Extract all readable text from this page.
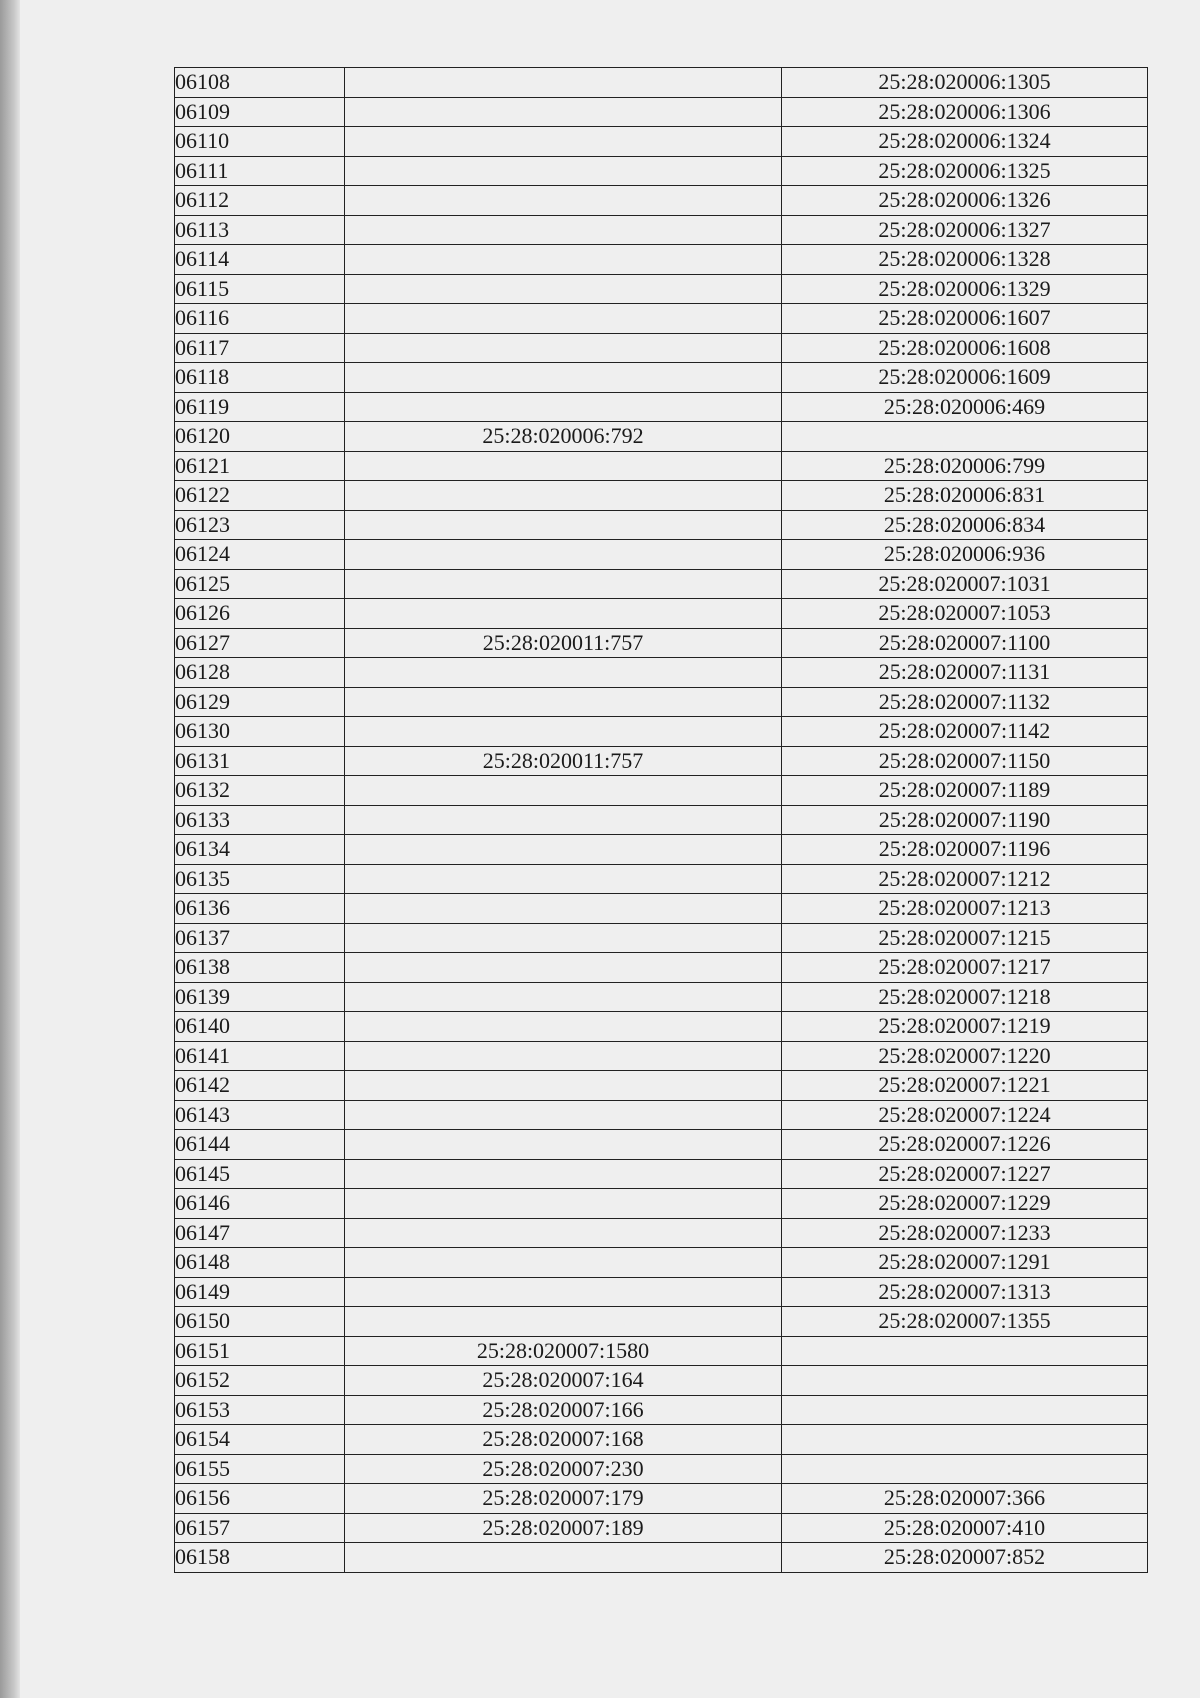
06108		25:28:020006:1305
06109		25:28:020006:1306
06110		25:28:020006:1324
06111		25:28:020006:1325
06112		25:28:020006:1326
06113		25:28:020006:1327
06114		25:28:020006:1328
06115		25:28:020006:1329
06116		25:28:020006:1607
06117		25:28:020006:1608
06118		25:28:020006:1609
06119		25:28:020006:469
06120	25:28:020006:792	
06121		25:28:020006:799
06122		25:28:020006:831
06123		25:28:020006:834
06124		25:28:020006:936
06125		25:28:020007:1031
06126		25:28:020007:1053
06127	25:28:020011:757	25:28:020007:1100
06128		25:28:020007:1131
06129		25:28:020007:1132
06130		25:28:020007:1142
06131	25:28:020011:757	25:28:020007:1150
06132		25:28:020007:1189
06133		25:28:020007:1190
06134		25:28:020007:1196
06135		25:28:020007:1212
06136		25:28:020007:1213
06137		25:28:020007:1215
06138		25:28:020007:1217
06139		25:28:020007:1218
06140		25:28:020007:1219
06141		25:28:020007:1220
06142		25:28:020007:1221
06143		25:28:020007:1224
06144		25:28:020007:1226
06145		25:28:020007:1227
06146		25:28:020007:1229
06147		25:28:020007:1233
06148		25:28:020007:1291
06149		25:28:020007:1313
06150		25:28:020007:1355
06151	25:28:020007:1580	
06152	25:28:020007:164	
06153	25:28:020007:166	
06154	25:28:020007:168	
06155	25:28:020007:230	
06156	25:28:020007:179	25:28:020007:366
06157	25:28:020007:189	25:28:020007:410
06158		25:28:020007:852
